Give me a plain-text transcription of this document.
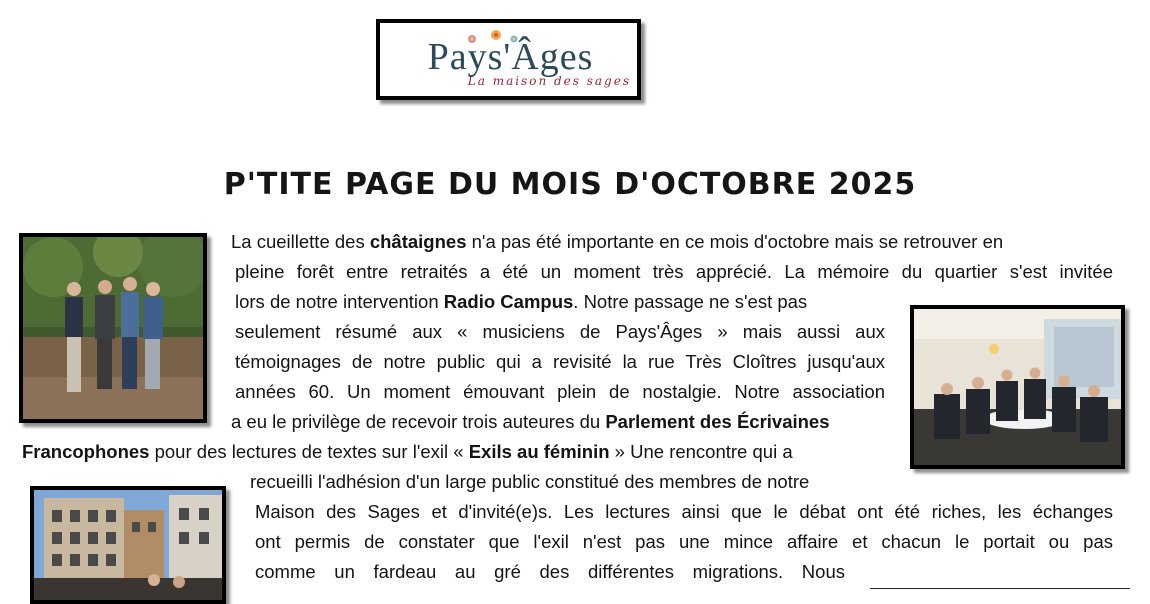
Pays'Âges
La maison des sages
P'TITE PAGE DU MOIS D'OCTOBRE 2025
La cueillette des châtaignes n'a pas été importante en ce mois d'octobre mais se retrouver en
pleine forêt entre retraités a été un moment très apprécié. La mémoire du quartier s'est invitée
lors de notre intervention Radio Campus. Notre passage ne s'est pas
seulement résumé aux « musiciens de Pays'Âges » mais aussi aux
témoignages de notre public qui a revisité la rue Très Cloîtres jusqu'aux
années 60. Un moment émouvant plein de nostalgie. Notre association
a eu le privilège de recevoir trois auteures du Parlement des Écrivaines
Francophones pour des lectures de textes sur l'exil « Exils au féminin » Une rencontre qui a
recueilli l'adhésion d'un large public constitué des membres de notre
Maison des Sages et d'invité(e)s. Les lectures ainsi que le débat ont été riches, les échanges
ont permis de constater que l'exil n'est pas une mince affaire et chacun le portait ou pas
comme un fardeau au gré des différentes migrations. Nous
